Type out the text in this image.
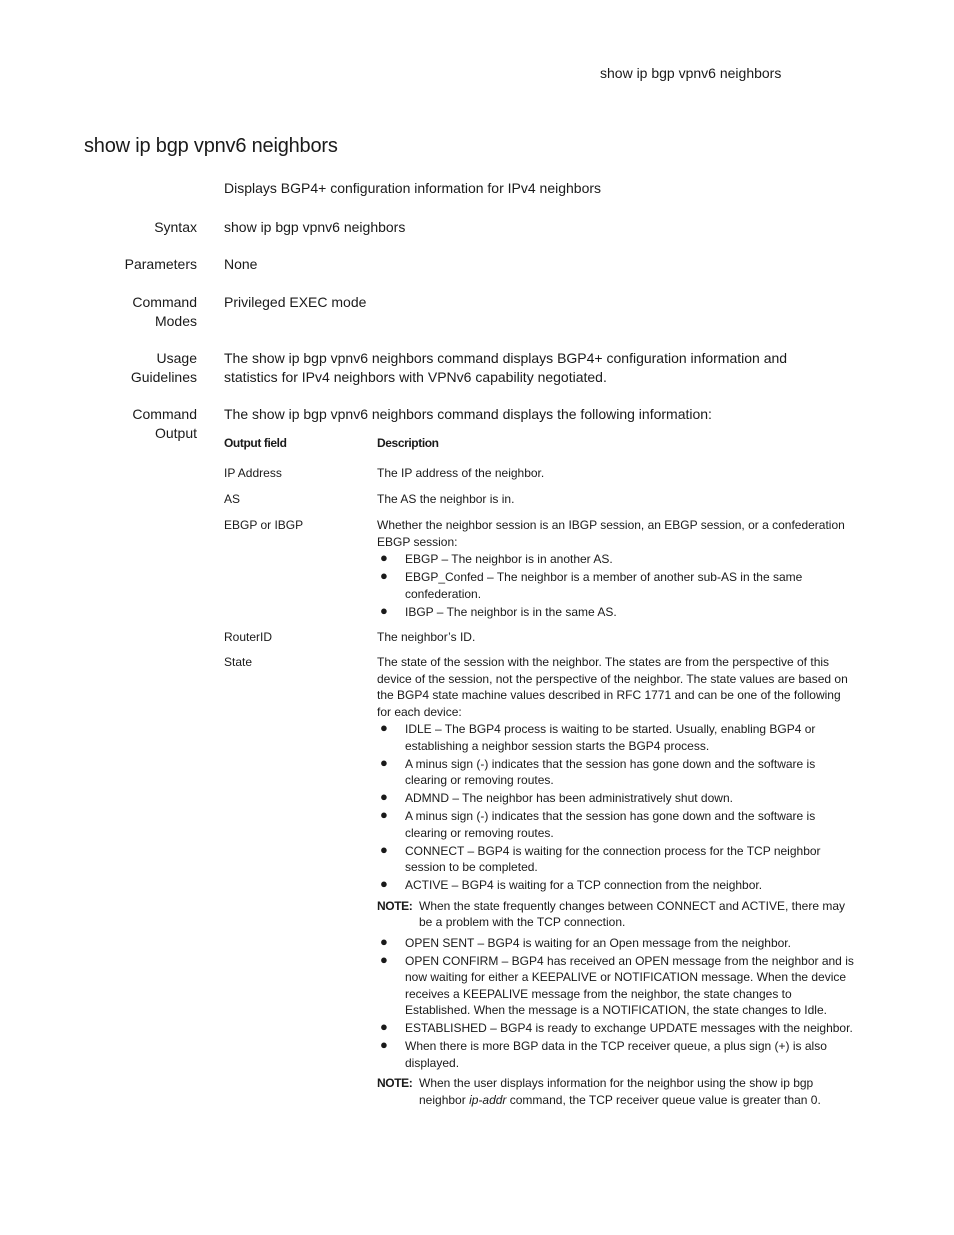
show ip bgp vpnv6 neighbors
show ip bgp vpnv6 neighbors
Displays BGP4+ configuration information for IPv4 neighbors
Syntax show ip bgp vpnv6 neighbors
Parameters None
Command
Modes
Privileged EXEC mode
Usage
Guidelines
The show ip bgp vpnv6 neighbors command displays BGP4+ configuration information and statistics for IPv4 neighbors with VPNv6 capability negotiated.
Command
Output
The show ip bgp vpnv6 neighbors command displays the following information:
Output field	Description
IP Address	The IP address of the neighbor.
AS	The AS the neighbor is in.
EBGP or IBGP	Whether the neighbor session is an IBGP session, an EBGP session, or a confederation EBGP session:
● EBGP – The neighbor is in another AS.
● EBGP_Confed – The neighbor is a member of another sub-AS in the same confederation.
● IBGP – The neighbor is in the same AS.
RouterID	The neighbor’s ID.
State	The state of the session with the neighbor. The states are from the perspective of this device of the session, not the perspective of the neighbor. The state values are based on the BGP4 state machine values described in RFC 1771 and can be one of the following for each device:
● IDLE – The BGP4 process is waiting to be started. Usually, enabling BGP4 or establishing a neighbor session starts the BGP4 process.
● A minus sign (-) indicates that the session has gone down and the software is clearing or removing routes.
● ADMND – The neighbor has been administratively shut down.
● A minus sign (-) indicates that the session has gone down and the software is clearing or removing routes.
● CONNECT – BGP4 is waiting for the connection process for the TCP neighbor session to be completed.
● ACTIVE – BGP4 is waiting for a TCP connection from the neighbor.
NOTE: When the state frequently changes between CONNECT and ACTIVE, there may be a problem with the TCP connection.
● OPEN SENT – BGP4 is waiting for an Open message from the neighbor.
● OPEN CONFIRM – BGP4 has received an OPEN message from the neighbor and is now waiting for either a KEEPALIVE or NOTIFICATION message. When the device receives a KEEPALIVE message from the neighbor, the state changes to Established. When the message is a NOTIFICATION, the state changes to Idle.
● ESTABLISHED – BGP4 is ready to exchange UPDATE messages with the neighbor.
● When there is more BGP data in the TCP receiver queue, a plus sign (+) is also displayed.
NOTE: When the user displays information for the neighbor using the show ip bgp neighbor ip-addr command, the TCP receiver queue value is greater than 0.
